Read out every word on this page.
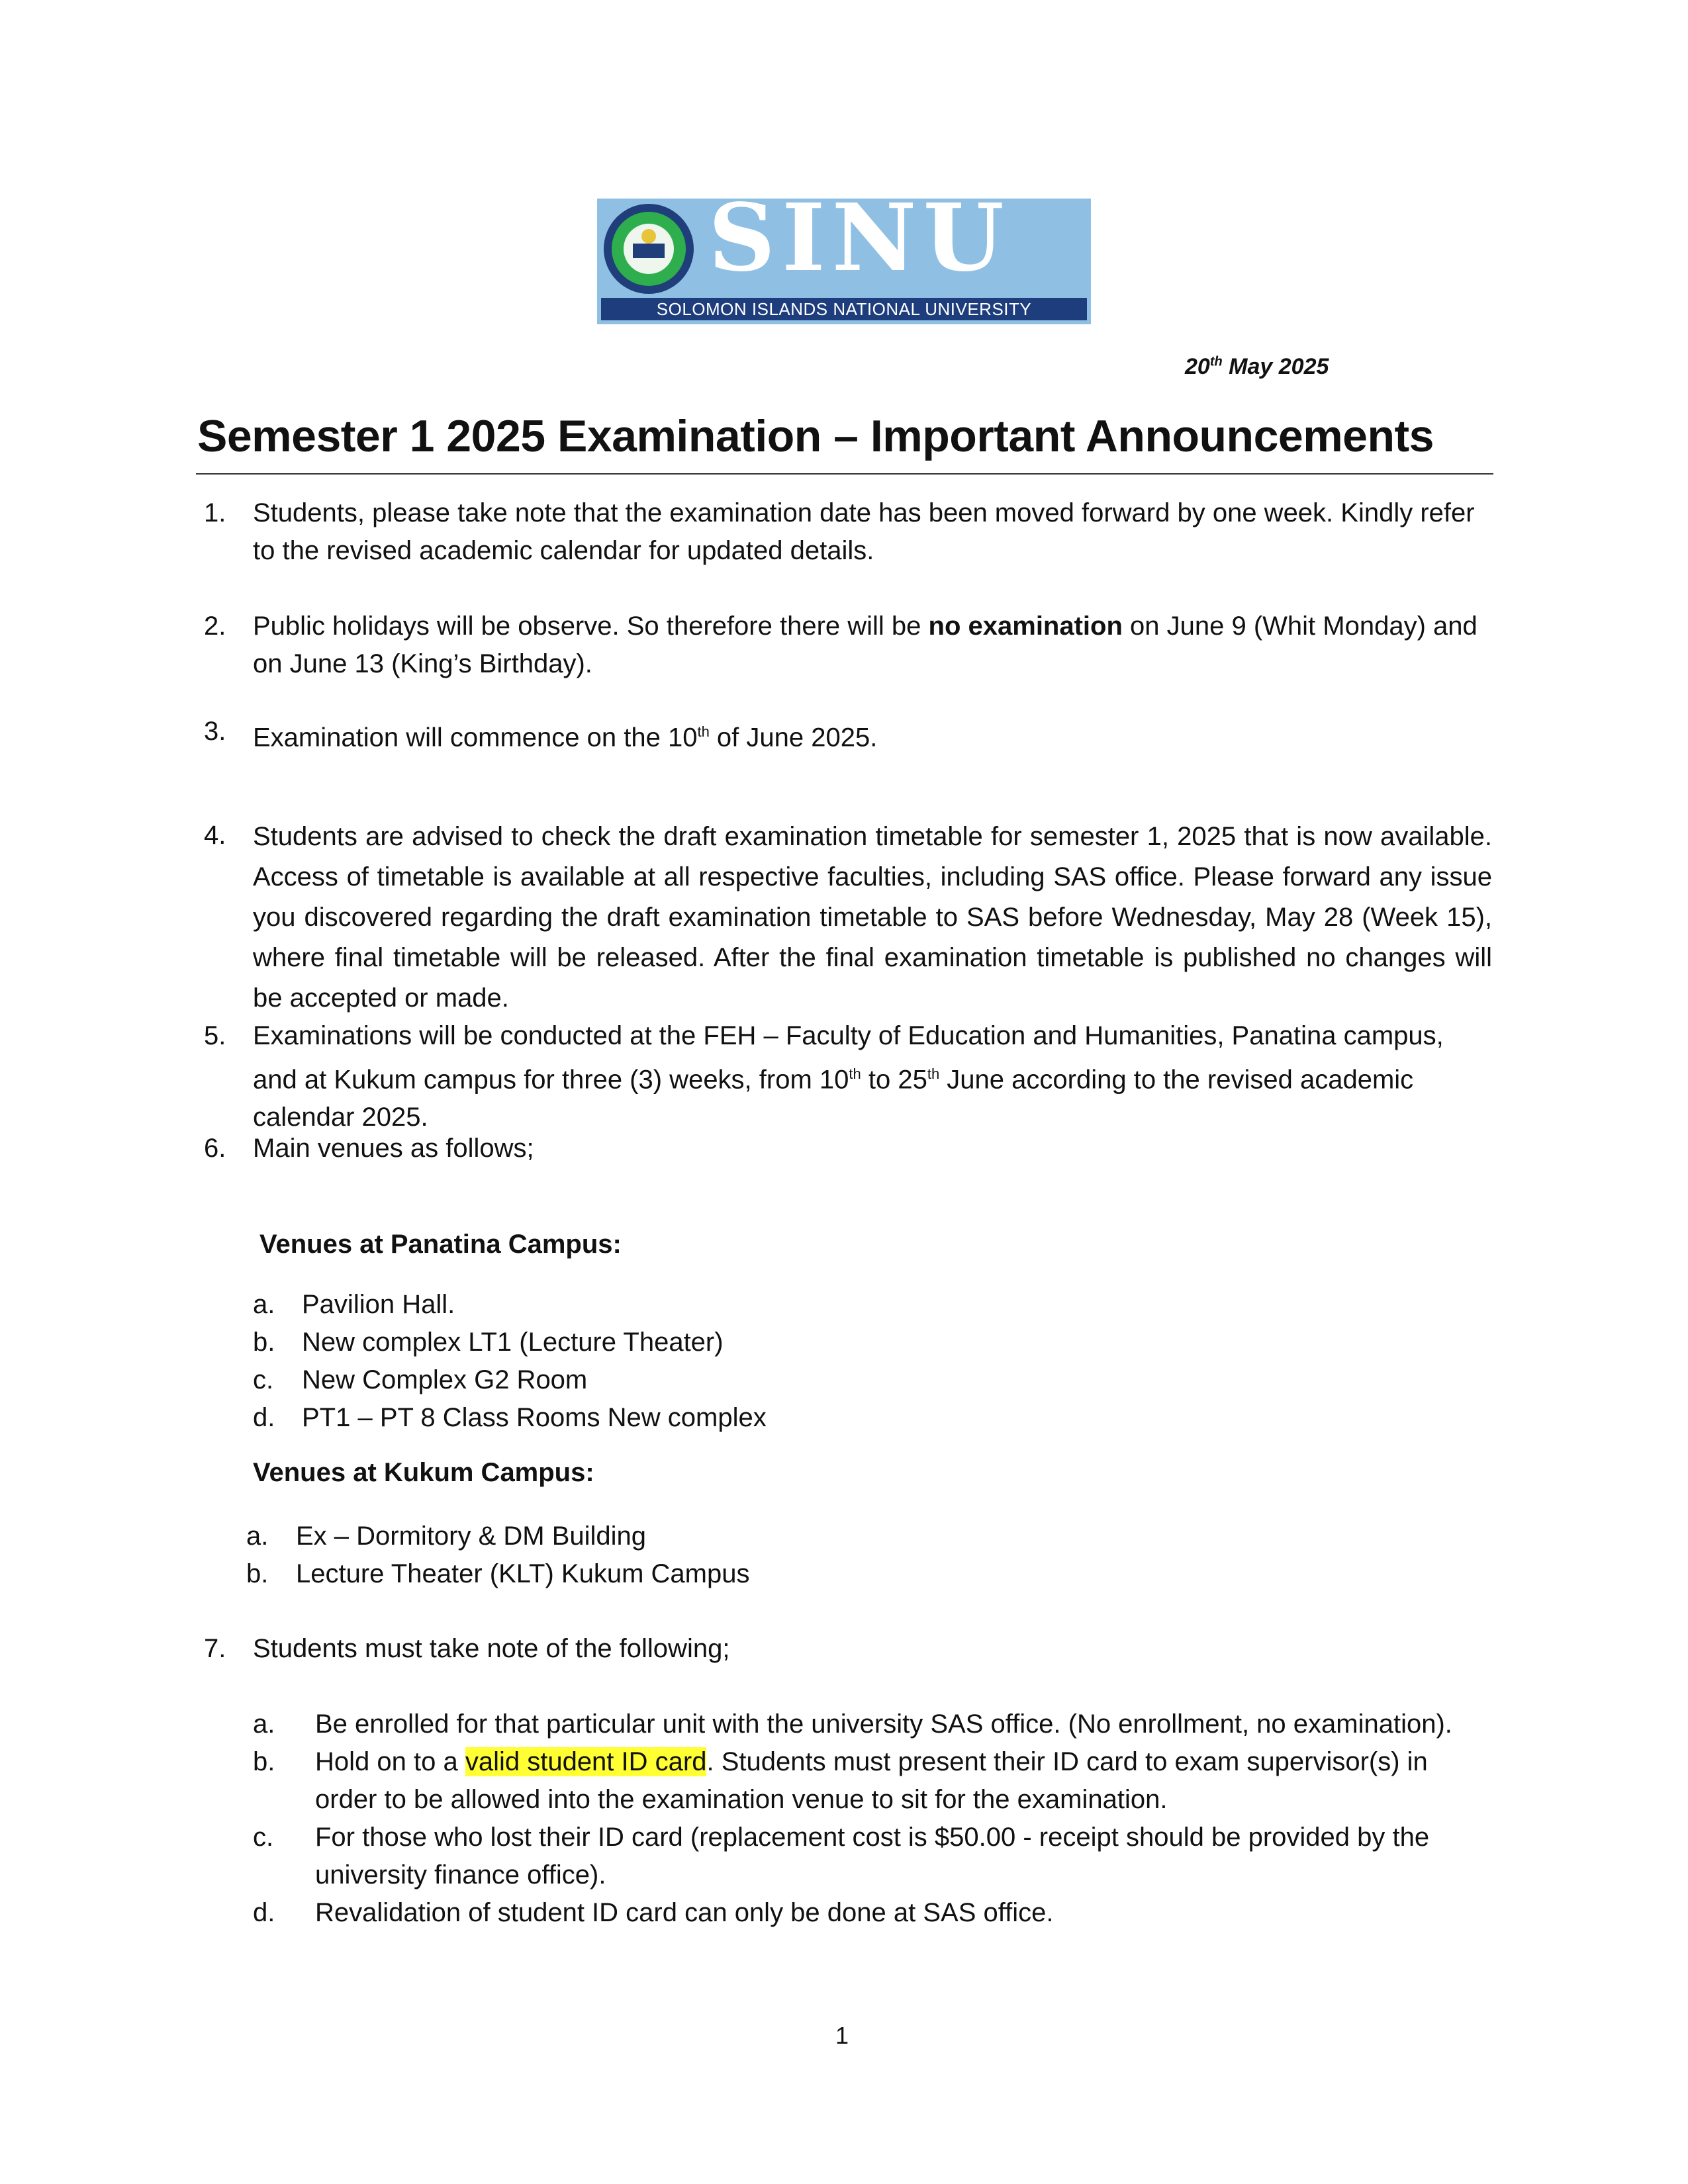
SINU
SOLOMON ISLANDS NATIONAL UNIVERSITY
20th May 2025
Semester 1 2025 Examination – Important Announcements
1. Students, please take note that the examination date has been moved forward by one week. Kindly refer to the revised academic calendar for updated details.
2. Public holidays will be observe. So therefore there will be no examination on June 9 (Whit Monday) and on June 13 (King’s Birthday).
3. Examination will commence on the 10th of June 2025.
4. Students are advised to check the draft examination timetable for semester 1, 2025 that is now available. Access of timetable is available at all respective faculties, including SAS office. Please forward any issue you discovered regarding the draft examination timetable to SAS before Wednesday, May 28 (Week 15), where final timetable will be released. After the final examination timetable is published no changes will be accepted or made.
5. Examinations will be conducted at the FEH – Faculty of Education and Humanities, Panatina campus, and at Kukum campus for three (3) weeks, from 10th to 25th June according to the revised academic calendar 2025.
6. Main venues as follows;
Venues at Panatina Campus:
a. Pavilion Hall.
b. New complex LT1 (Lecture Theater)
c. New Complex G2 Room
d. PT1 – PT 8 Class Rooms New complex
Venues at Kukum Campus:
a. Ex – Dormitory & DM Building
b. Lecture Theater (KLT) Kukum Campus
7. Students must take note of the following;
a. Be enrolled for that particular unit with the university SAS office. (No enrollment, no examination).
b. Hold on to a valid student ID card. Students must present their ID card to exam supervisor(s) in order to be allowed into the examination venue to sit for the examination.
c. For those who lost their ID card (replacement cost is $50.00 - receipt should be provided by the university finance office).
d. Revalidation of student ID card can only be done at SAS office.
1
